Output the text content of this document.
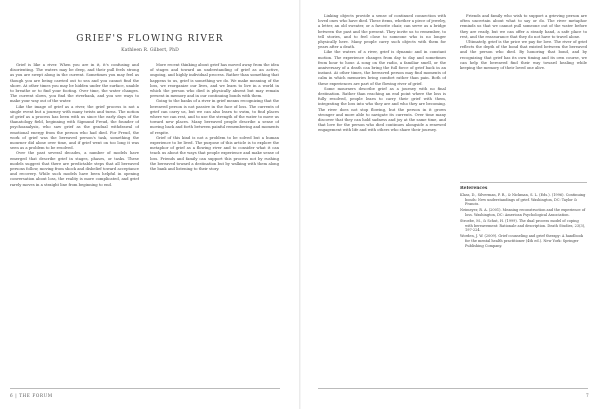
GRIEF'S FLOWING RIVER
Kathleen R. Gilbert, PhD

Grief is like a river. When you are in it, it's confusing and disorienting. The waters may be deep, and their pull feels strong as you are swept along in the current. Sometimes you may feel as though you are being carried out to sea and you cannot find the shore. At other times you may be hidden under the surface, unable to breathe or to find your footing. Over time, the water changes. The current slows, you find the riverbank, and you see ways to make your way out of the water.

Like the image of grief as a river, the grief process is not a single event but a journey with many twists and turns. The notion of grief as a process has been with us since the early days of the thanatology field, beginning with Sigmund Freud, the founder of psychoanalysis, who saw grief as the gradual withdrawal of emotional energy from the person who had died. For Freud, the work of grief was the bereaved person's task, something the mourner did alone over time, and if grief went on too long it was seen as a problem to be resolved.

Over the past several decades, a number of models have emerged that describe grief in stages, phases, or tasks. These models suggest that there are predictable steps that all bereaved persons follow, moving from shock and disbelief toward acceptance and recovery. While such models have been helpful in opening conversation about loss, the reality is more complicated, and grief rarely moves in a straight line from beginning to end.

More recent thinking about grief has moved away from the idea of stages and toward an understanding of grief as an active, ongoing, and highly individual process. Rather than something that happens to us, grief is something we do. We make meaning of the loss, we reorganize our lives, and we learn to live in a world in which the person who died is physically absent but may remain present in memory and in our continuing bonds with them.

Going to the banks of a river in grief means recognizing that the bereaved person is not passive in the face of loss. The currents of grief can carry us, but we can also learn to swim, to find places where we can rest, and to use the strength of the water to move us toward new places. Many bereaved people describe a sense of moving back and forth between painful remembering and moments of respite.

Grief of this kind is not a problem to be solved but a human experience to be lived. The purpose of this article is to explore the metaphor of grief as a flowing river and to consider what it can teach us about the ways that people experience and make sense of loss. Friends and family can support this process not by rushing the bereaved toward a destination but by walking with them along the bank and listening to their story.

Linking objects provide a sense of continued connection with loved ones who have died. These items, whether a piece of jewelry, a letter, an old sweater, or a favorite chair, can serve as a bridge between the past and the present. They invite us to remember, to tell stories, and to feel close to someone who is no longer physically here. Many people carry such objects with them for years after a death.

Like the waters of a river, grief is dynamic and in constant motion. The experience changes from day to day and sometimes from hour to hour. A song on the radio, a familiar smell, or the anniversary of a death can bring the full force of grief back in an instant. At other times, the bereaved person may find moments of calm in which memories bring comfort rather than pain. Both of these experiences are part of the flowing river of grief.

Some mourners describe grief as a journey with no final destination. Rather than reaching an end point where the loss is fully resolved, people learn to carry their grief with them, integrating the loss into who they are and who they are becoming. The river does not stop flowing, but the person in it grows stronger and more able to navigate its currents. Over time many discover that they can hold sadness and joy at the same time, and that love for the person who died continues alongside a renewed engagement with life and with others who share their journey.

Friends and family who wish to support a grieving person are often uncertain about what to say or do. The river metaphor reminds us that we cannot pull someone out of the water before they are ready, but we can offer a steady hand, a safe place to rest, and the reassurance that they do not have to travel alone.

Ultimately, grief is the price we pay for love. The river of grief reflects the depth of the bond that existed between the bereaved and the person who died. By honoring that bond, and by recognizing that grief has its own timing and its own course, we can help the bereaved find their way toward healing while keeping the memory of their loved one alive.

References
Klass, D., Silverman, P. R., & Nickman, S. L. (Eds.). (1996). Continuing bonds: New understandings of grief. Washington, DC: Taylor & Francis.
Neimeyer, R. A. (2001). Meaning reconstruction and the experience of loss. Washington, DC: American Psychological Association.
Stroebe, M., & Schut, H. (1999). The dual process model of coping with bereavement: Rationale and description. Death Studies, 23(3), 197-224.
Worden, J. W. (2009). Grief counseling and grief therapy: A handbook for the mental health practitioner (4th ed.). New York: Springer Publishing Company.
6 | THE FORUM	7
